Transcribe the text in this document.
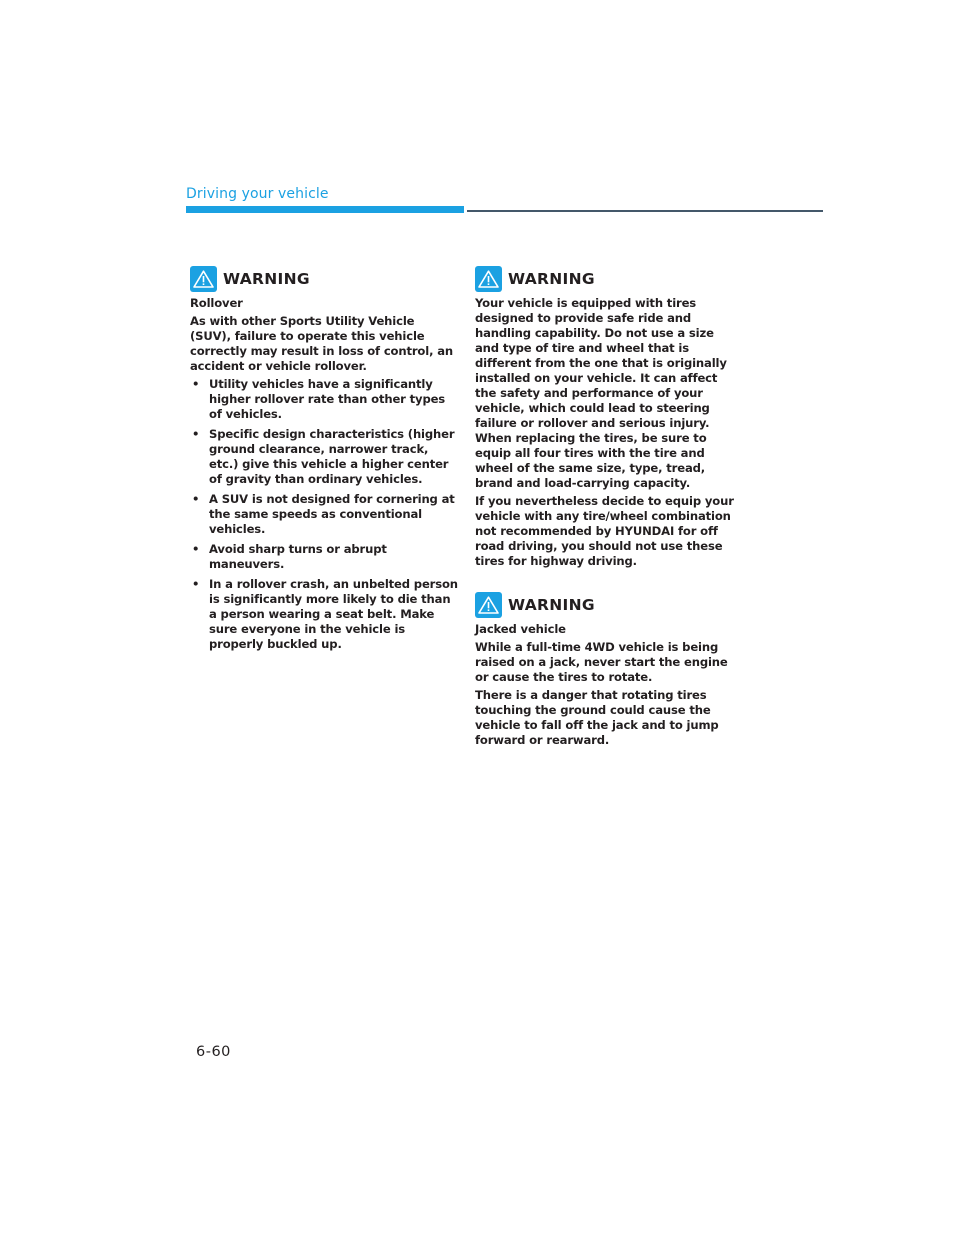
Driving your vehicle
WARNING
Rollover
As with other Sports Utility Vehicle (SUV), failure to operate this vehicle correctly may result in loss of control, an accident or vehicle rollover.
• Utility vehicles have a significantly higher rollover rate than other types of vehicles.
• Specific design characteristics (higher ground clearance, narrower track, etc.) give this vehicle a higher center of gravity than ordinary vehicles.
• A SUV is not designed for cornering at the same speeds as conventional vehicles.
• Avoid sharp turns or abrupt maneuvers.
• In a rollover crash, an unbelted person is significantly more likely to die than a person wearing a seat belt. Make sure everyone in the vehicle is properly buckled up.
WARNING
Your vehicle is equipped with tires designed to provide safe ride and handling capability. Do not use a size and type of tire and wheel that is different from the one that is originally installed on your vehicle. It can affect the safety and performance of your vehicle, which could lead to steering failure or rollover and serious injury. When replacing the tires, be sure to equip all four tires with the tire and wheel of the same size, type, tread, brand and load-carrying capacity.
If you nevertheless decide to equip your vehicle with any tire/wheel combination not recommended by HYUNDAI for off road driving, you should not use these tires for highway driving.
WARNING
Jacked vehicle
While a full-time 4WD vehicle is being raised on a jack, never start the engine or cause the tires to rotate.
There is a danger that rotating tires touching the ground could cause the vehicle to fall off the jack and to jump forward or rearward.
6-60
